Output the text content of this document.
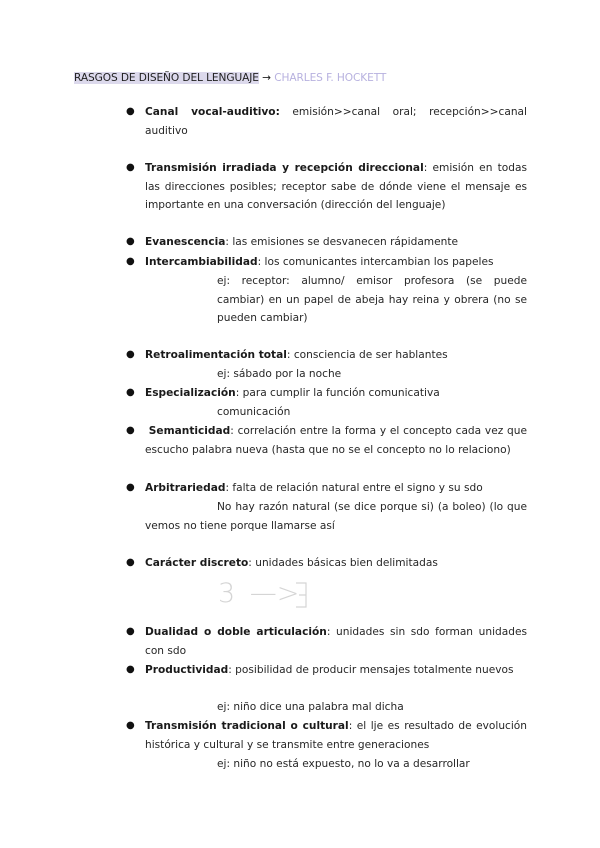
RASGOS DE DISEÑO DEL LENGUAJE → CHARLES F. HOCKETT
● Canal vocal-auditivo: emisión>>canal oral; recepción>>canal auditivo
● Transmisión irradiada y recepción direccional: emisión en todas las direcciones posibles; receptor sabe de dónde viene el mensaje es importante en una conversación (dirección del lenguaje)
● Evanescencia: las emisiones se desvanecen rápidamente
● Intercambiabilidad: los comunicantes intercambian los papeles
ej: receptor: alumno/ emisor profesora (se puede cambiar) en un papel de abeja hay reina y obrera (no se pueden cambiar)
● Retroalimentación total: consciencia de ser hablantes
ej: sábado por la noche
● Especialización: para cumplir la función comunicativa
comunicación
● Semanticidad: correlación entre la forma y el concepto cada vez que escucho palabra nueva (hasta que no se el concepto no lo relaciono)
● Arbitrariedad: falta de relación natural entre el signo y su sdo
No hay razón natural (se dice porque si) (a boleo) (lo que vemos no tiene porque llamarse así
● Carácter discreto: unidades básicas bien delimitadas
3 —>
● Dualidad o doble articulación: unidades sin sdo forman unidades con sdo
● Productividad: posibilidad de producir mensajes totalmente nuevos
ej: niño dice una palabra mal dicha
● Transmisión tradicional o cultural: el lje es resultado de evolución histórica y cultural y se transmite entre generaciones
ej: niño no está expuesto, no lo va a desarrollar
